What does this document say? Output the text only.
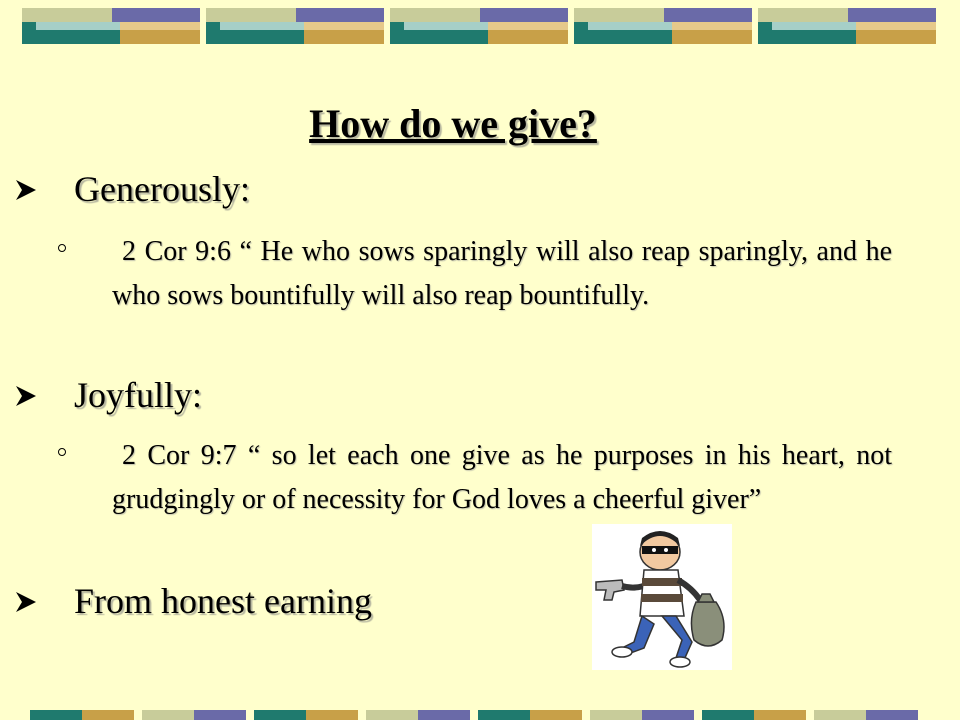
How do we give?
Generously:
2 Cor 9:6 “ He who sows sparingly will also reap sparingly, and he who sows bountifully will also reap bountifully.
Joyfully:
2 Cor 9:7 “ so let each one give as he purposes in his heart, not grudgingly or of necessity for God loves a cheerful giver”
From honest earning
